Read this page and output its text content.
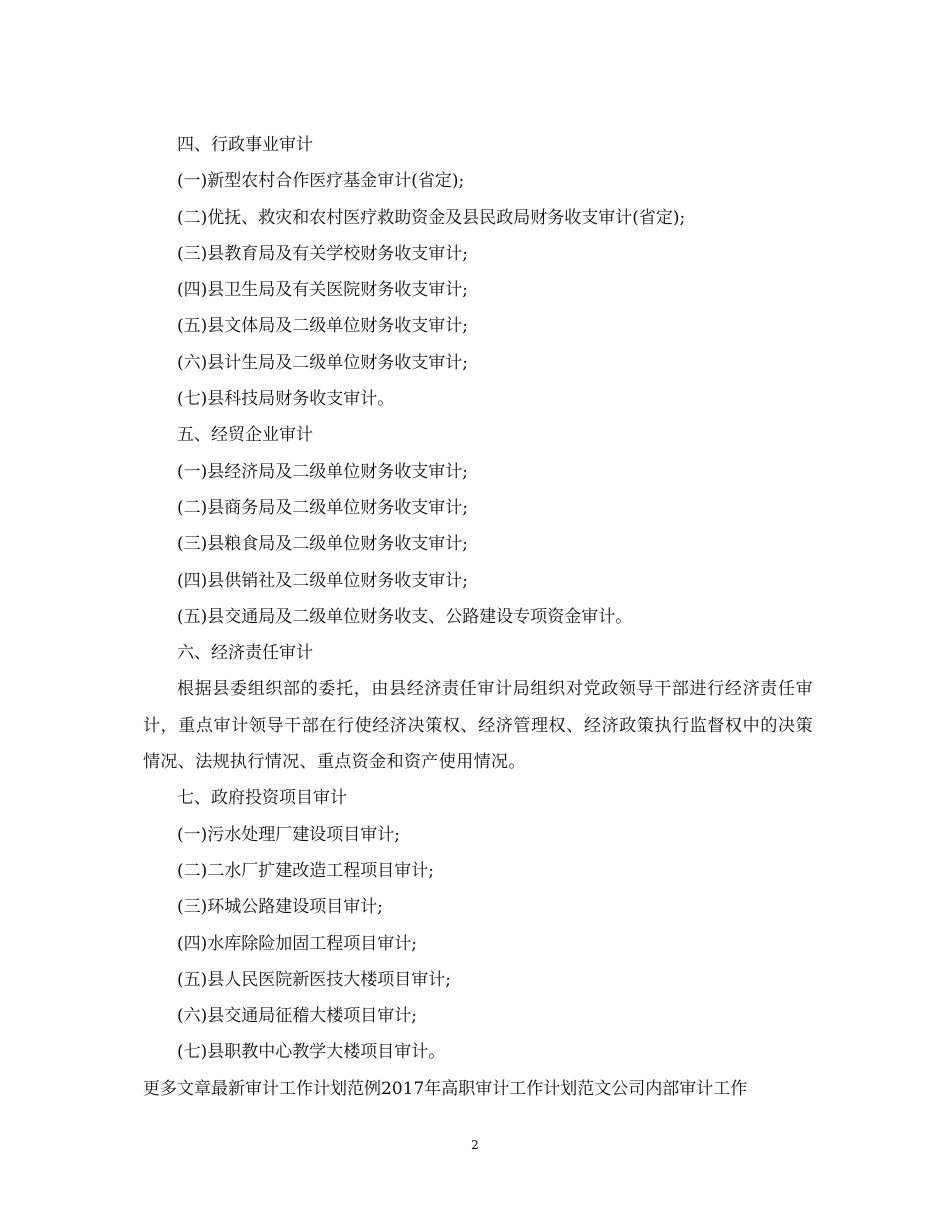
四、行政事业审计
(一)新型农村合作医疗基金审计(省定);
(二)优抚、救灾和农村医疗救助资金及县民政局财务收支审计(省定);
(三)县教育局及有关学校财务收支审计;
(四)县卫生局及有关医院财务收支审计;
(五)县文体局及二级单位财务收支审计;
(六)县计生局及二级单位财务收支审计;
(七)县科技局财务收支审计。
五、经贸企业审计
(一)县经济局及二级单位财务收支审计;
(二)县商务局及二级单位财务收支审计;
(三)县粮食局及二级单位财务收支审计;
(四)县供销社及二级单位财务收支审计;
(五)县交通局及二级单位财务收支、公路建设专项资金审计。
六、经济责任审计
根据县委组织部的委托，由县经济责任审计局组织对党政领导干部进行经济责任审计，重点审计领导干部在行使经济决策权、经济管理权、经济政策执行监督权中的决策情况、法规执行情况、重点资金和资产使用情况。
七、政府投资项目审计
(一)污水处理厂建设项目审计;
(二)二水厂扩建改造工程项目审计;
(三)环城公路建设项目审计;
(四)水库除险加固工程项目审计;
(五)县人民医院新医技大楼项目审计;
(六)县交通局征稽大楼项目审计;
(七)县职教中心教学大楼项目审计。
更多文章最新审计工作计划范例2017年高职审计工作计划范文公司内部审计工作
2
